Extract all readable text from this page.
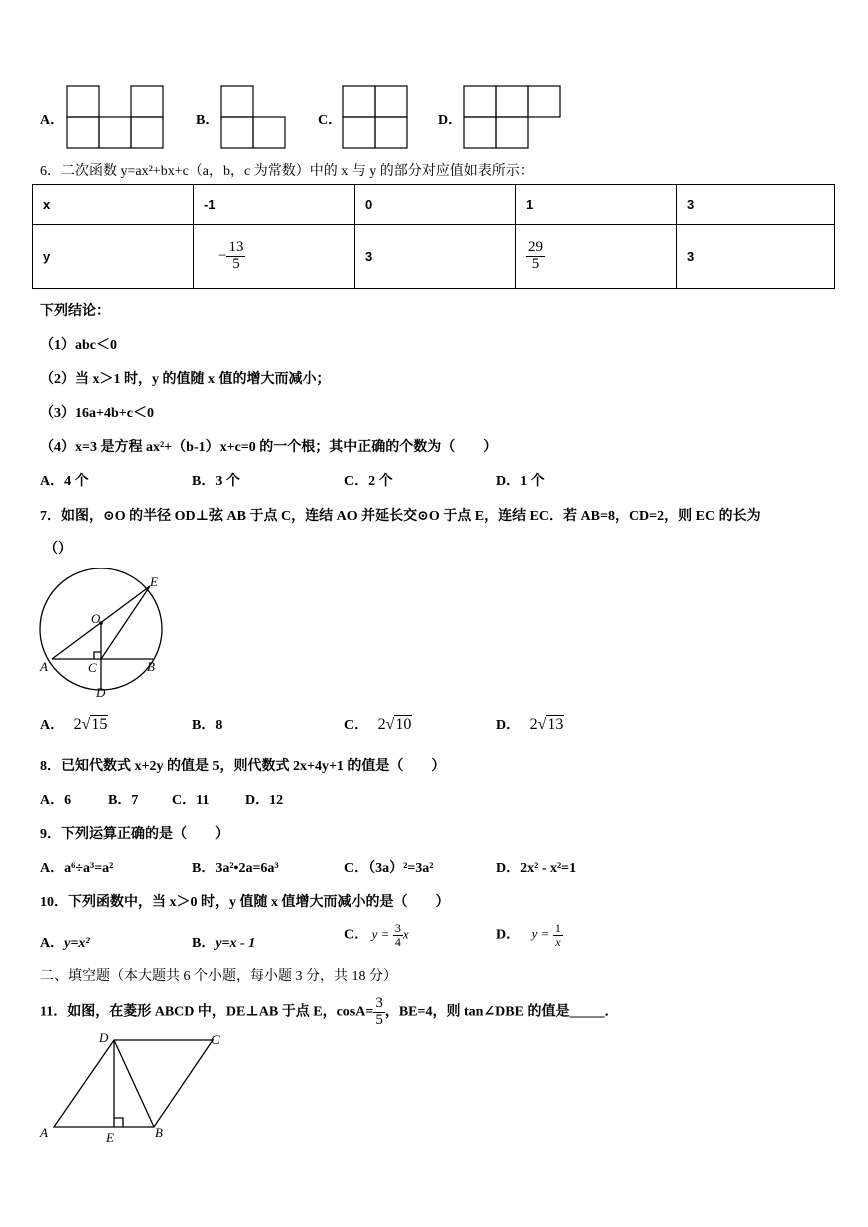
A．	B．	C．	D．
6．二次函数 y=ax²+bx+c（a，b，c 为常数）中的 x 与 y 的部分对应值如表所示：
x	-1	0	1	3
y	− $\frac{13}{5}$	3	$\frac{29}{5}$	3
下列结论：
（1）abc＜0
（2）当 x＞1 时，y 的值随 x 值的增大而减小；
（3）16a+4b+c＜0
（4）x=3 是方程 ax²+（b-1）x+c=0 的一个根；其中正确的个数为（　　）
A．4 个	B．3 个	C．2 个	D．1 个
7．如图，⊙O 的半径 OD⊥弦 AB 于点 C，连结 AO 并延长交⊙O 于点 E，连结 EC．若 AB=8，CD=2，则 EC 的长为
（）
E
O
A	C	B
D
A． 2√15	B．8	C． 2√10	D． 2√13
8．已知代数式 x+2y 的值是 5，则代数式 2x+4y+1 的值是（　　）
A．6	B．7 C．11	D．12
9．下列运算正确的是（　　）
A．a⁶÷a³=a²	B．3a²•2a=6a³	C．（3a）²=3a²	D．2x² - x²=1
10．下列函数中，当 x＞0 时，y 值随 x 值增大而减小的是（　　）
A．y=x²	B．y=x - 1
C． $y = \frac{3}{4}$ x	D． $y = \frac{1}{x}$
二、填空题（本大题共 6 个小题，每小题 3 分，共 18 分）
11．如图，在菱形 ABCD 中，DE⊥AB 于点 E，$\cos A= \frac{3}{5}$ ，BE=4，则 tan∠DBE 的值是_____．
D	C
A	E	B
